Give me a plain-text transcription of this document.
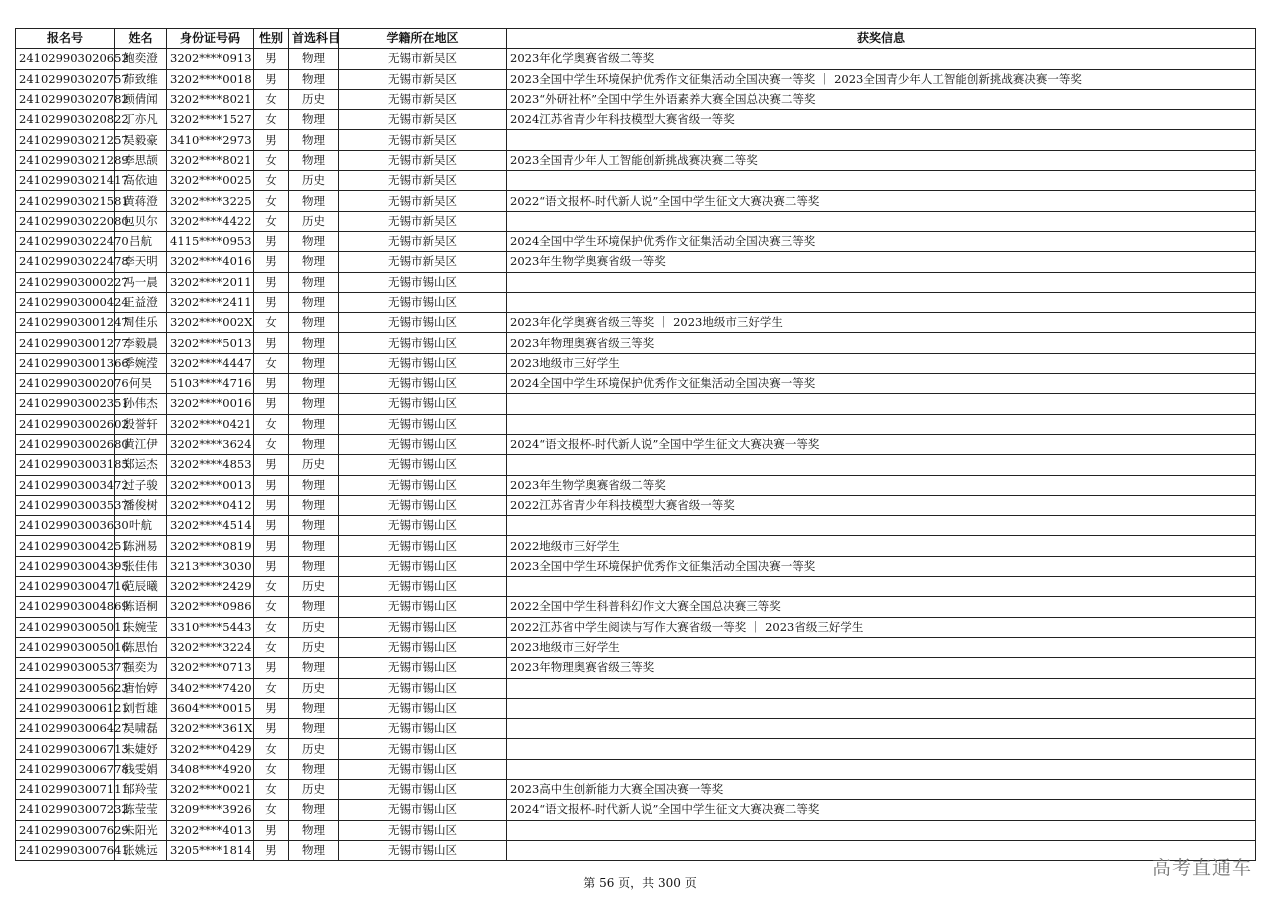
报名号	姓名	身份证号码	性别	首选科目	学籍所在地区	获奖信息
241029903020652	鲍奕澄	3202****0913	男	物理	无锡市新吴区	2023年化学奥赛省级二等奖
241029903020757	茆致维	3202****0018	男	物理	无锡市新吴区	2023全国中学生环境保护优秀作文征集活动全国决赛一等奖 ｜ 2023全国青少年人工智能创新挑战赛决赛一等奖
241029903020782	顾倩闻	3202****8021	女	历史	无锡市新吴区	2023“外研社杯”全国中学生外语素养大赛全国总决赛二等奖
241029903020822	丁亦凡	3202****1527	女	物理	无锡市新吴区	2024江苏省青少年科技模型大赛省级一等奖
241029903021257	吴毅豪	3410****2973	男	物理	无锡市新吴区	
241029903021289	李思颉	3202****8021	女	物理	无锡市新吴区	2023全国青少年人工智能创新挑战赛决赛二等奖
241029903021417	高依迪	3202****0025	女	历史	无锡市新吴区	
241029903021581	黄蒋澄	3202****3225	女	物理	无锡市新吴区	2022“语文报杯-时代新人说”全国中学生征文大赛决赛二等奖
241029903022080	包贝尔	3202****4422	女	历史	无锡市新吴区	
241029903022470	吕航	4115****0953	男	物理	无锡市新吴区	2024全国中学生环境保护优秀作文征集活动全国决赛三等奖
241029903022478	李天明	3202****4016	男	物理	无锡市新吴区	2023年生物学奥赛省级一等奖
241029903000227	冯一晨	3202****2011	男	物理	无锡市锡山区	
241029903000424	王益澄	3202****2411	男	物理	无锡市锡山区	
241029903001247	周佳乐	3202****002X	女	物理	无锡市锡山区	2023年化学奥赛省级三等奖 ｜ 2023地级市三好学生
241029903001277	李毅晨	3202****5013	男	物理	无锡市锡山区	2023年物理奥赛省级三等奖
241029903001366	季婉滢	3202****4447	女	物理	无锡市锡山区	2023地级市三好学生
241029903002076	何昊	5103****4716	男	物理	无锡市锡山区	2024全国中学生环境保护优秀作文征集活动全国决赛一等奖
241029903002351	孙伟杰	3202****0016	男	物理	无锡市锡山区	
241029903002602	殷誉轩	3202****0421	女	物理	无锡市锡山区	
241029903002680	黄江伊	3202****3624	女	物理	无锡市锡山区	2024“语文报杯-时代新人说”全国中学生征文大赛决赛一等奖
241029903003185	郑运杰	3202****4853	男	历史	无锡市锡山区	
241029903003472	过子骏	3202****0013	男	物理	无锡市锡山区	2023年生物学奥赛省级二等奖
241029903003537	潘俊树	3202****0412	男	物理	无锡市锡山区	2022江苏省青少年科技模型大赛省级一等奖
241029903003630	叶航	3202****4514	男	物理	无锡市锡山区	
241029903004251	陈洲易	3202****0819	男	物理	无锡市锡山区	2022地级市三好学生
241029903004395	张佳伟	3213****3030	男	物理	无锡市锡山区	2023全国中学生环境保护优秀作文征集活动全国决赛一等奖
241029903004716	范辰曦	3202****2429	女	历史	无锡市锡山区	
241029903004869	陈语桐	3202****0986	女	物理	无锡市锡山区	2022全国中学生科普科幻作文大赛全国总决赛三等奖
241029903005011	朱婉莹	3310****5443	女	历史	无锡市锡山区	2022江苏省中学生阅读与写作大赛省级一等奖 ｜ 2023省级三好学生
241029903005016	陈思怡	3202****3224	女	历史	无锡市锡山区	2023地级市三好学生
241029903005377	强奕为	3202****0713	男	物理	无锡市锡山区	2023年物理奥赛省级三等奖
241029903005623	唐怡婷	3402****7420	女	历史	无锡市锡山区	
241029903006121	刘哲雄	3604****0015	男	物理	无锡市锡山区	
241029903006427	吴啸磊	3202****361X	男	物理	无锡市锡山区	
241029903006713	朱婕妤	3202****0429	女	历史	无锡市锡山区	
241029903006778	钱雯娟	3408****4920	女	物理	无锡市锡山区	
241029903007111	邹羚莹	3202****0021	女	历史	无锡市锡山区	2023高中生创新能力大赛全国决赛一等奖
241029903007232	陈莹莹	3209****3926	女	物理	无锡市锡山区	2024“语文报杯-时代新人说”全国中学生征文大赛决赛二等奖
241029903007629	朱阳光	3202****4013	男	物理	无锡市锡山区	
241029903007641	张姚远	3205****1814	男	物理	无锡市锡山区	
第 56 页，共 300 页
高考直通车
